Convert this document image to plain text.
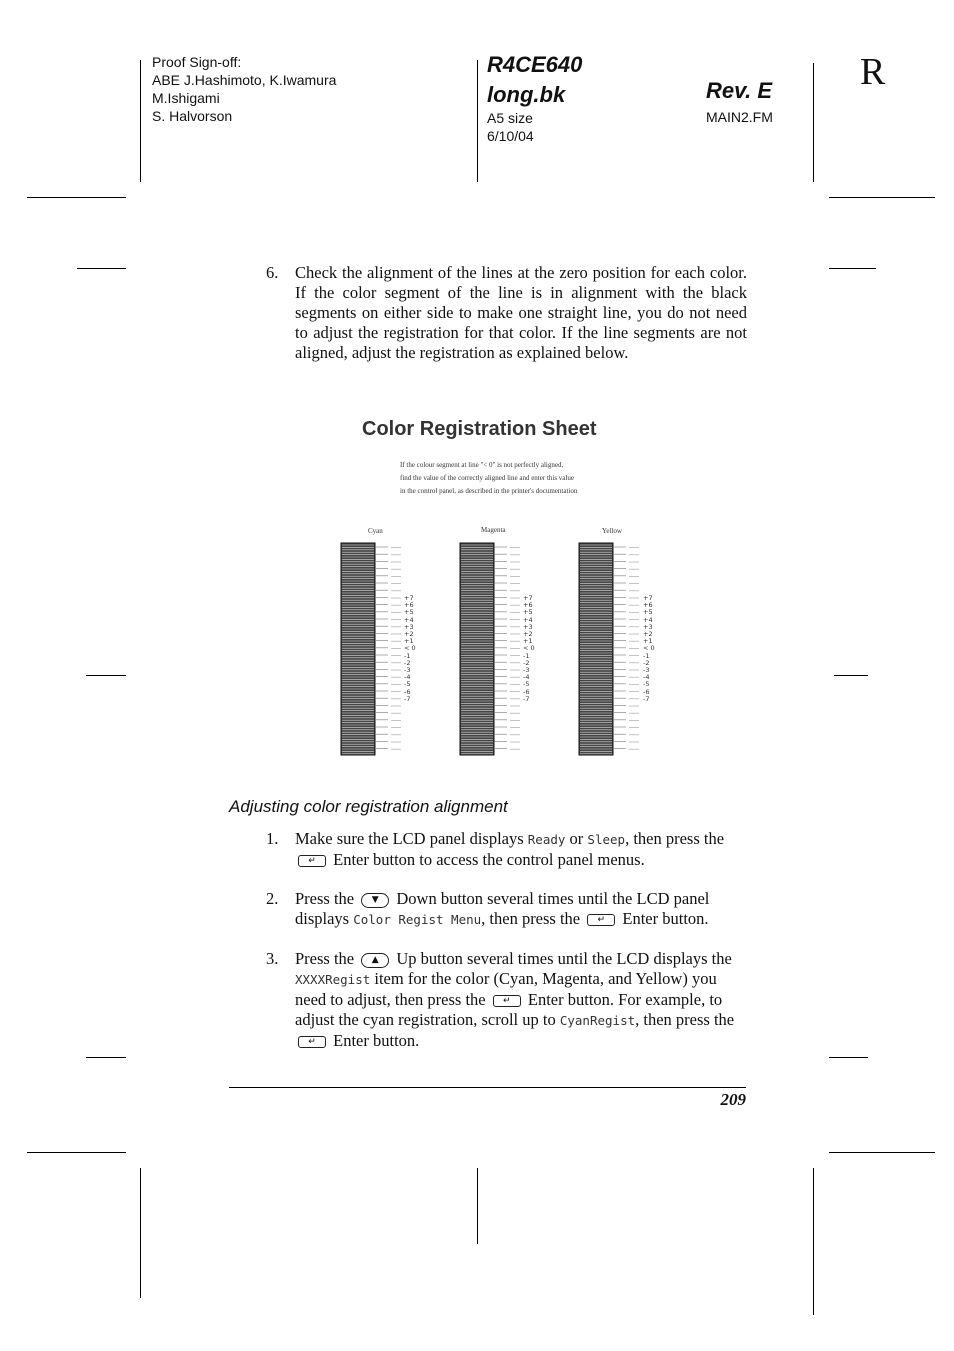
Proof Sign-off:
ABE J.Hashimoto, K.Iwamura
M.Ishigami
S. Halvorson
R4CE640
long.bk	Rev. E
A5 size
6/10/04
MAIN2.FM
R
6. Check the alignment of the lines at the zero position for each color. If the color segment of the line is in alignment with the black segments on either side to make one straight line, you do not need to adjust the registration for that color. If the line segments are not aligned, adjust the registration as explained below.
Color Registration Sheet
If the colour segment at line "< 0" is not perfectly aligned,
find the value of the correctly aligned line and enter this value
in the control panel, as described in the printer's documentation
Cyan	Magenta	Yellow
+7
+6
+5
+4
+3
+2
+1
< 0
-1
-2
-3
-4
-5
-6
-7
+7
+6
+5
+4
+3
+2
+1
< 0
-1
-2
-3
-4
-5
-6
-7
+7
+6
+5
+4
+3
+2
+1
< 0
-1
-2
-3
-4
-5
-6
-7
Adjusting color registration alignment
1. Make sure the LCD panel displays Ready or Sleep, then press the ↵ Enter button to access the control panel menus.
2. Press the ▼ Down button several times until the LCD panel displays Color Regist Menu, then press the ↵ Enter button.
3. Press the ▲ Up button several times until the LCD displays the XXXXRegist item for the color (Cyan, Magenta, and Yellow) you need to adjust, then press the ↵ Enter button. For example, to adjust the cyan registration, scroll up to CyanRegist, then press the ↵ Enter button.
209
